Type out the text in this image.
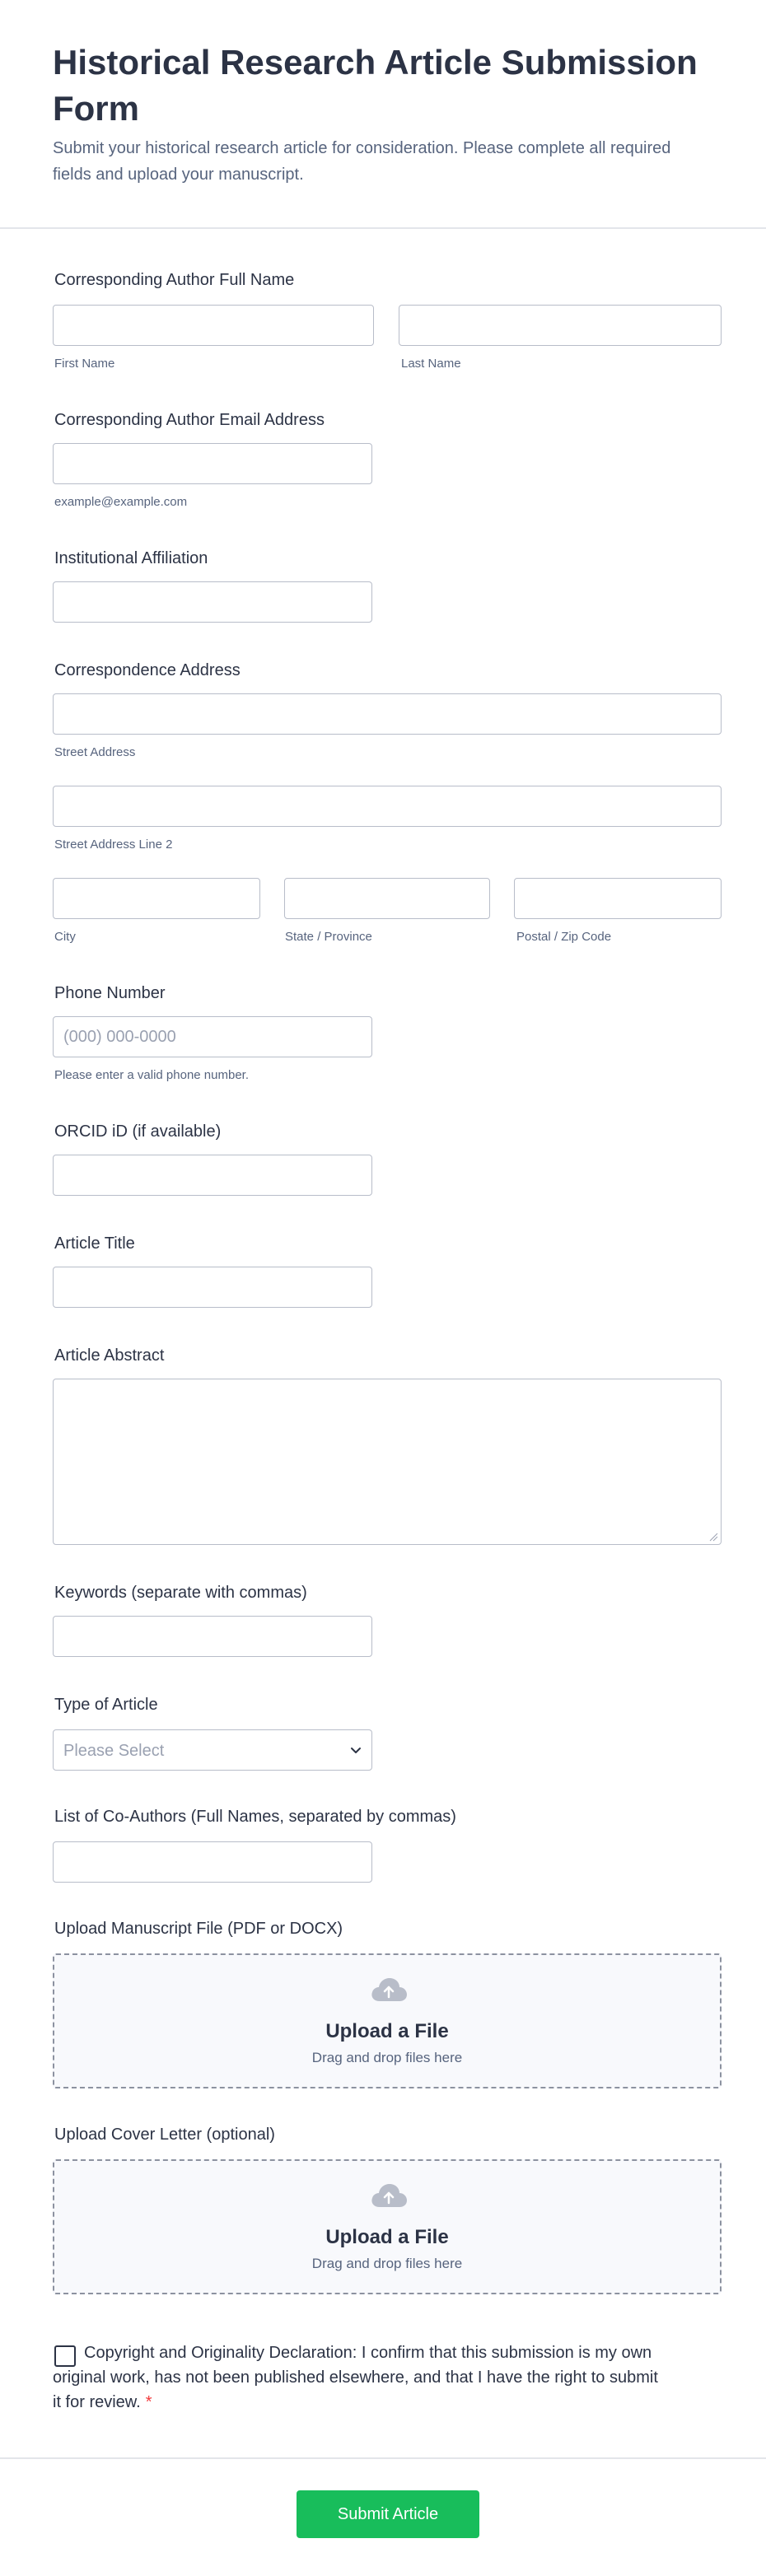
Historical Research Article Submission Form

Submit your historical research article for consideration. Please complete all required fields and upload your manuscript.

Corresponding Author Full Name
First Name	Last Name
Corresponding Author Email Address
example@example.com
Institutional Affiliation
Correspondence Address
Street Address
Street Address Line 2
City	State / Province	Postal / Zip Code
Phone Number
(000) 000-0000
Please enter a valid phone number.
ORCID iD (if available)
Article Title
Article Abstract
Keywords (separate with commas)
Type of Article
Please Select
List of Co-Authors (Full Names, separated by commas)
Upload Manuscript File (PDF or DOCX)
Upload a File
Drag and drop files here
Upload Cover Letter (optional)
Upload a File
Drag and drop files here

Copyright and Originality Declaration: I confirm that this submission is my own original work, has not been published elsewhere, and that I have the right to submit it for review. *

Submit Article
